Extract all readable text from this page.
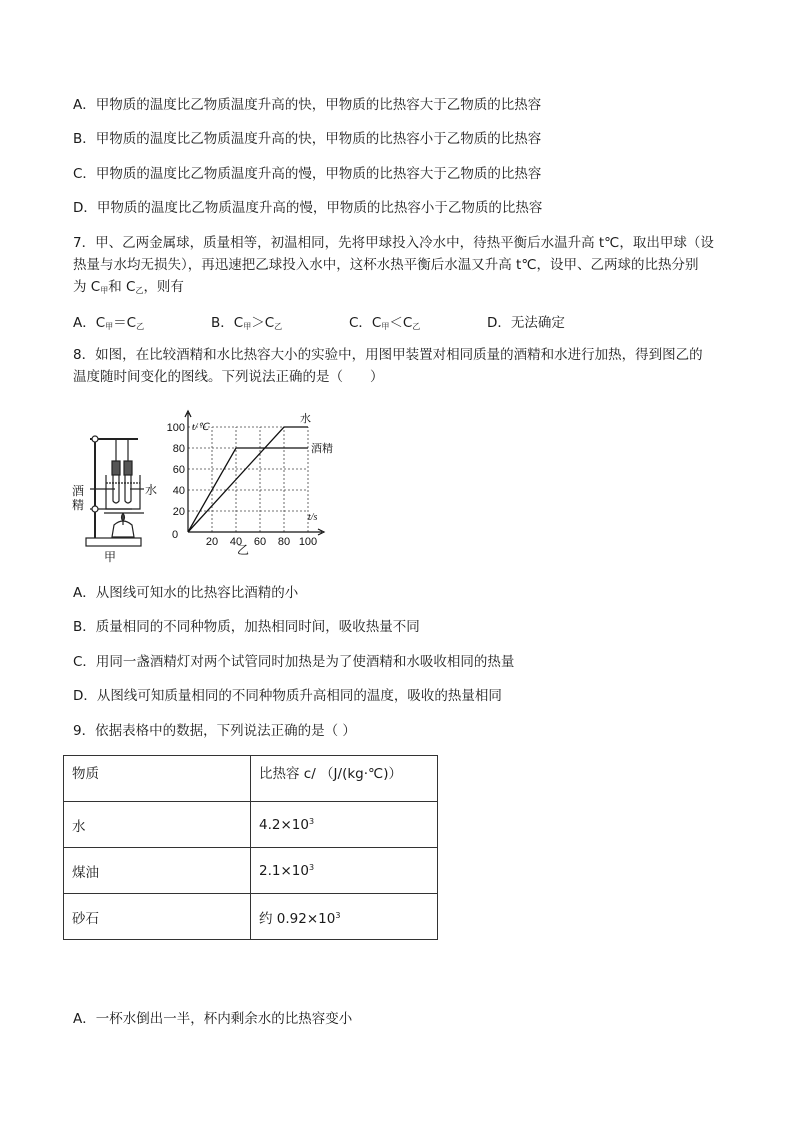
A．甲物质的温度比乙物质温度升高的快，甲物质的比热容大于乙物质的比热容
B．甲物质的温度比乙物质温度升高的快，甲物质的比热容小于乙物质的比热容
C．甲物质的温度比乙物质温度升高的慢，甲物质的比热容大于乙物质的比热容
D．甲物质的温度比乙物质温度升高的慢，甲物质的比热容小于乙物质的比热容
7．甲、乙两金属球，质量相等，初温相同，先将甲球投入冷水中，待热平衡后水温升高 t℃，取出甲球（设
热量与水均无损失），再迅速把乙球投入水中，这杯水热平衡后水温又升高 t℃，设甲、乙两球的比热分别
为 $C_甲$和 $C_乙$，则有
A．$C_甲=C_乙$	B．$C_甲>C_乙$	C．$C_甲<C_乙$	D．无法确定
8．如图，在比较酒精和水比热容大小的实验中，用图甲装置对相同质量的酒精和水进行加热，得到图乙的
温度随时间变化的图线。下列说法正确的是（　　）
酒
精
水
甲
水
酒精
20 40 60 80 100
20
40
60
80
100
0
t/℃
t/s
乙
A．从图线可知水的比热容比酒精的小
B．质量相同的不同种物质，加热相同时间，吸收热量不同
C．用同一盏酒精灯对两个试管同时加热是为了使酒精和水吸收相同的热量
D．从图线可知质量相同的不同种物质升高相同的温度，吸收的热量相同
9．依据表格中的数据，下列说法正确的是（ ）
物质	比热容 c/ （J/(kg·℃)）
水	$4.2\times 10^3$
煤油	$2.1\times 10^3$
砂石	约 $0.92\times 10^3$
A．一杯水倒出一半，杯内剩余水的比热容变小
